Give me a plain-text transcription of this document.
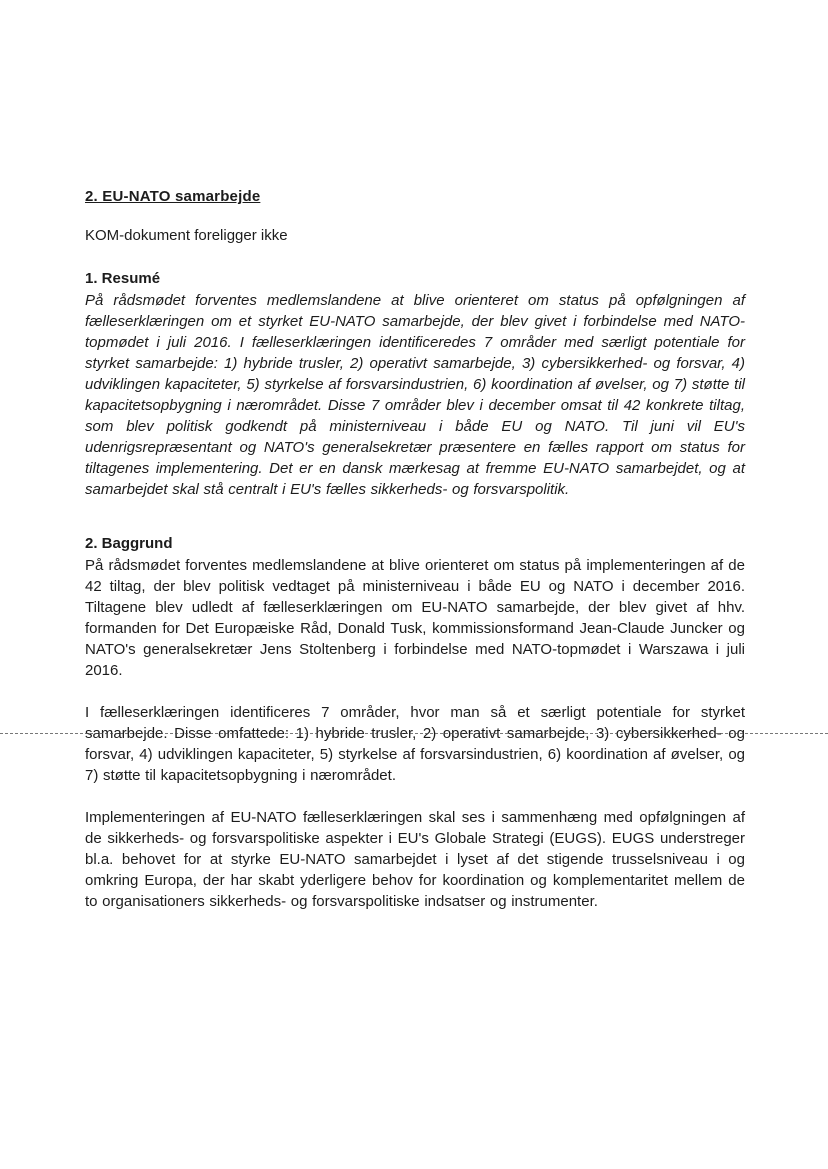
2. EU-NATO samarbejde
KOM-dokument foreligger ikke
1. Resumé

På rådsmødet forventes medlemslandene at blive orienteret om status på opfølgningen af fælleserklæringen om et styrket EU-NATO samarbejde, der blev givet i forbindelse med NATO-topmødet i juli 2016. I fælleserklæringen identificeredes 7 områder med særligt potentiale for styrket samarbejde: 1) hybride trusler, 2) operativt samarbejde, 3) cybersikkerhed- og forsvar, 4) udviklingen kapaciteter, 5) styrkelse af forsvarsindustrien, 6) koordination af øvelser, og 7) støtte til kapacitetsopbygning i nærområdet. Disse 7 områder blev i december omsat til 42 konkrete tiltag, som blev politisk godkendt på ministerniveau i både EU og NATO. Til juni vil EU's udenrigsrepræsentant og NATO's generalsekretær præsentere en fælles rapport om status for tiltagenes implementering. Det er en dansk mærkesag at fremme EU-NATO samarbejdet, og at samarbejdet skal stå centralt i EU's fælles sikkerheds- og forsvarspolitik.

2. Baggrund

På rådsmødet forventes medlemslandene at blive orienteret om status på implementeringen af de 42 tiltag, der blev politisk vedtaget på ministerniveau i både EU og NATO i december 2016. Tiltagene blev udledt af fælleserklæringen om EU-NATO samarbejde, der blev givet af hhv. formanden for Det Europæiske Råd, Donald Tusk, kommissionsformand Jean-Claude Juncker og NATO's generalsekretær Jens Stoltenberg i forbindelse med NATO-topmødet i Warszawa i juli 2016.

I fælleserklæringen identificeres 7 områder, hvor man så et særligt potentiale for styrket samarbejde. Disse omfattede: 1) hybride trusler, 2) operativt samarbejde, 3) cybersikkerhed- og forsvar, 4) udviklingen kapaciteter, 5) styrkelse af forsvarsindustrien, 6) koordination af øvelser, og 7) støtte til kapacitetsopbygning i nærområdet.

Implementeringen af EU-NATO fælleserklæringen skal ses i sammenhæng med opfølgningen af de sikkerheds- og forsvarspolitiske aspekter i EU's Globale Strategi (EUGS). EUGS understreger bl.a. behovet for at styrke EU-NATO samarbejdet i lyset af det stigende trusselsniveau i og omkring Europa, der har skabt yderligere behov for koordination og komplementaritet mellem de to organisationers sikkerheds- og forsvarspolitiske indsatser og instrumenter.
